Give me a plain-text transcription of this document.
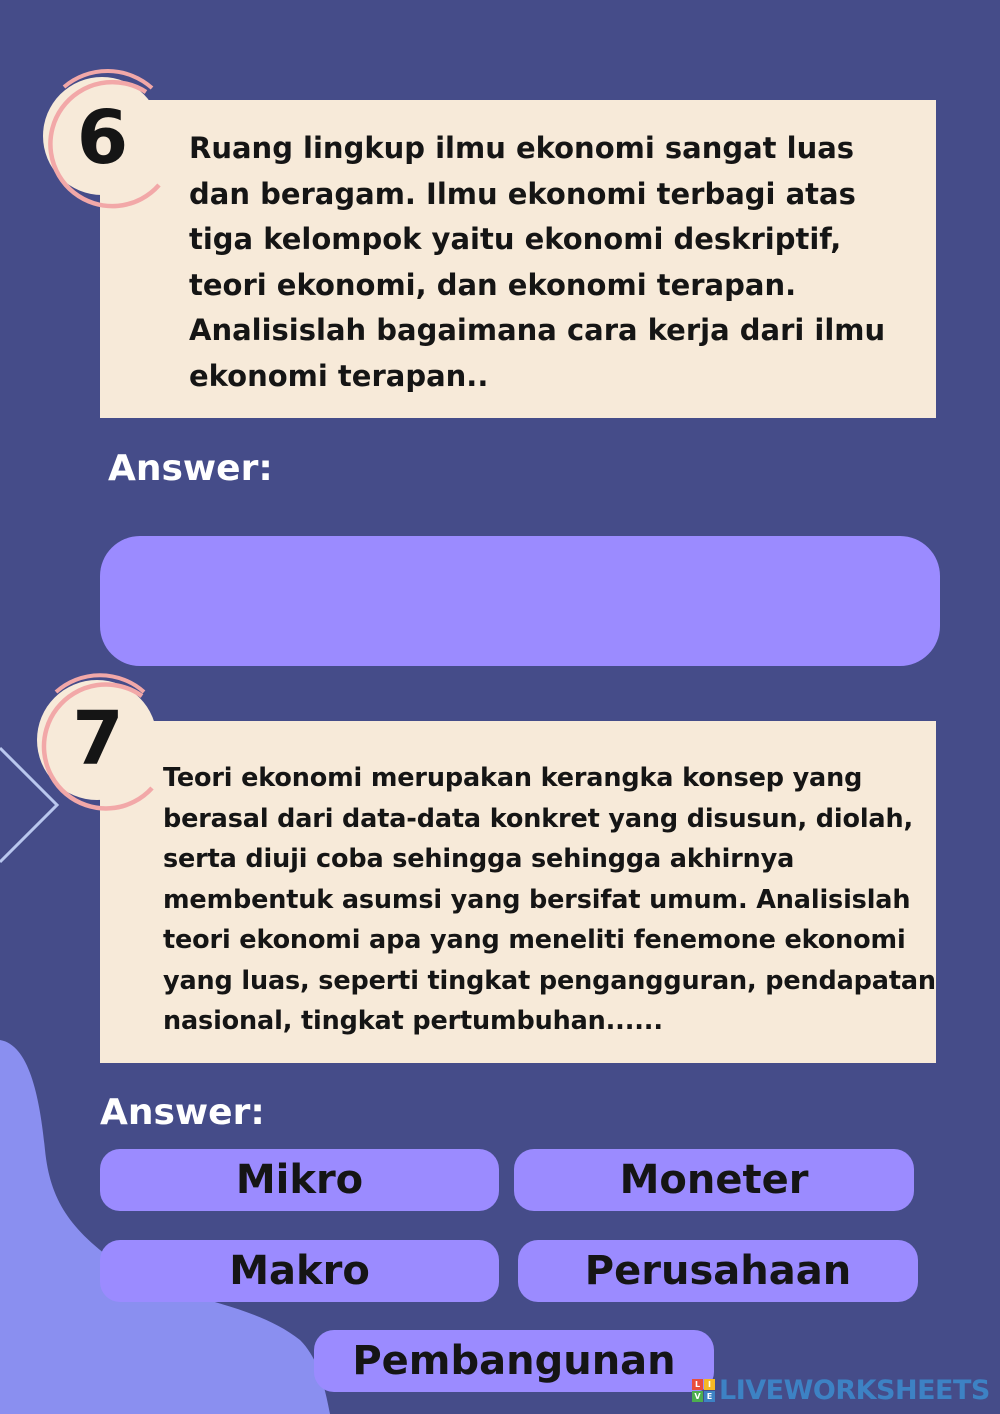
Ruang lingkup ilmu ekonomi sangat luas dan beragam. Ilmu ekonomi terbagi atas tiga kelompok yaitu ekonomi deskriptif, teori ekonomi, dan ekonomi terapan. Analisislah bagaimana cara kerja dari ilmu ekonomi terapan..
6
Answer:
Teori ekonomi merupakan kerangka konsep yang
berasal dari data-data konkret yang disusun, diolah,
serta diuji coba sehingga sehingga akhirnya
membentuk asumsi yang bersifat umum. Analisislah
teori ekonomi apa yang meneliti fenemone ekonomi
yang luas, seperti tingkat pengangguran, pendapatan
nasional, tingkat pertumbuhan......
7
Answer:
Mikro	Moneter
Makro	Perusahaan
Pembangunan	L I
V E LIVEWORKSHEETS
